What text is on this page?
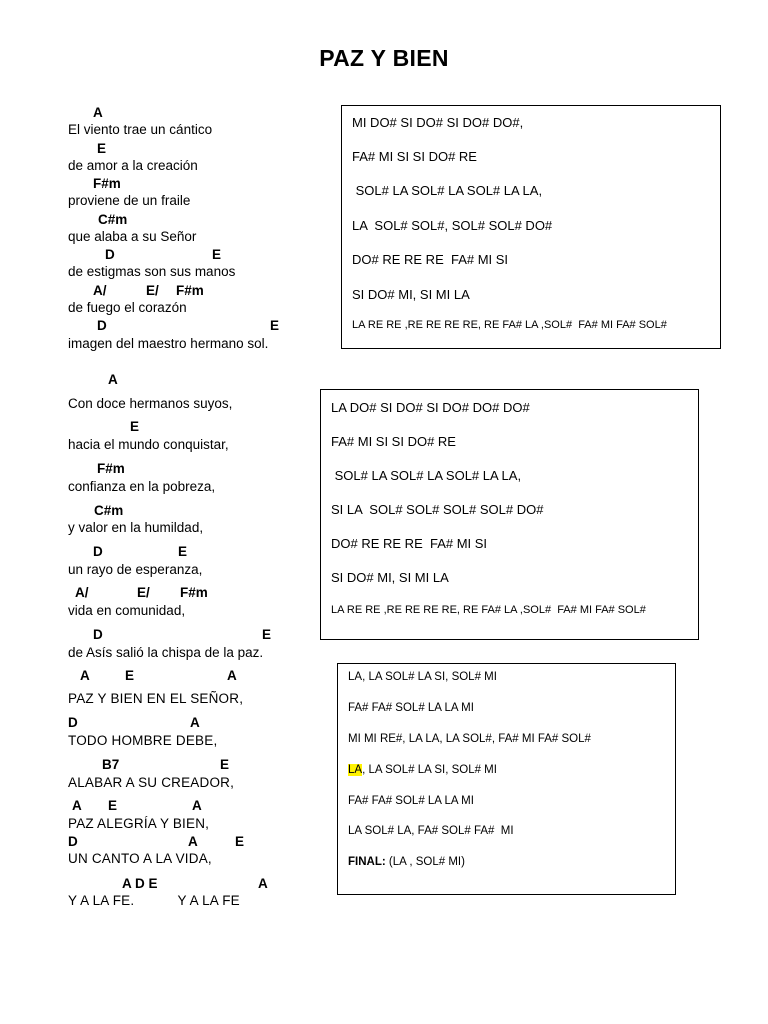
PAZ Y BIEN
A
El viento trae un cántico
E
de amor a la creación
F#m
proviene de un fraile
C#m
que alaba a su Señor
D	E
de estigmas son sus manos
A/	E/ F#m
de fuego el corazón
D	E
imagen del maestro hermano sol.
A
Con doce hermanos suyos,
E
hacia el mundo conquistar,
F#m
confianza en la pobreza,
C#m
y valor en la humildad,
D	E
un rayo de esperanza,
A/	E/ F#m
vida en comunidad,
D	E
de Asís salió la chispa de la paz.
A	E	A
PAZ Y BIEN EN EL SEÑOR,
D	A
TODO HOMBRE DEBE,
B7	E
ALABAR A SU CREADOR,
A E	A
PAZ ALEGRÍA Y BIEN,
D	A	E
UN CANTO A LA VIDA,
A D E	A
Y A LA FE.           Y A LA FE
MI DO# SI DO# SI DO# DO#,
FA# MI SI SI DO# RE
SOL# LA SOL# LA SOL# LA LA,
LA  SOL# SOL#, SOL# SOL# DO#
DO# RE RE RE  FA# MI SI
SI DO# MI, SI MI LA
LA RE RE ,RE RE RE RE, RE FA# LA ,SOL#  FA# MI FA# SOL#
LA DO# SI DO# SI DO# DO# DO#
FA# MI SI SI DO# RE
SOL# LA SOL# LA SOL# LA LA,
SI LA  SOL# SOL# SOL# SOL# DO#
DO# RE RE RE  FA# MI SI
SI DO# MI, SI MI LA
LA RE RE ,RE RE RE RE, RE FA# LA ,SOL#  FA# MI FA# SOL#
LA, LA SOL# LA SI, SOL# MI
FA# FA# SOL# LA LA MI
MI MI RE#, LA LA, LA SOL#, FA# MI FA# SOL#
LA, LA SOL# LA SI, SOL# MI
FA# FA# SOL# LA LA MI
LA SOL# LA, FA# SOL# FA#  MI
FINAL: (LA , SOL# MI)
